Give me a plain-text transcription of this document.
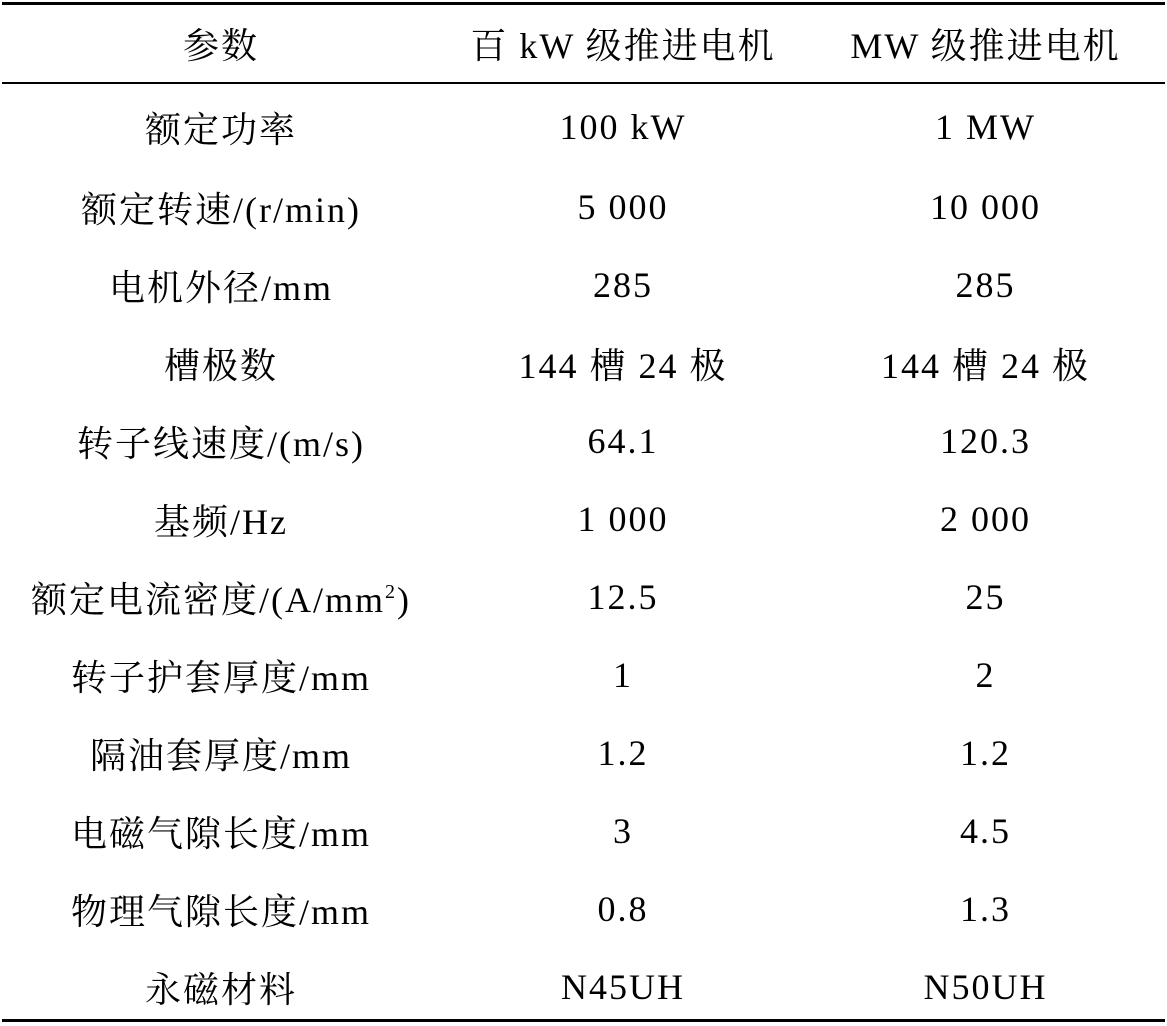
参数	百 kW 级推进电机	MW 级推进电机
额定功率	100 kW	1 MW
额定转速/(r/min)	5 000	10 000
电机外径/mm	285	285
槽极数	144 槽 24 极	144 槽 24 极
转子线速度/(m/s)	64.1	120.3
基频/Hz	1 000	2 000
额定电流密度$/(A/mm^2)$	12.5	25
转子护套厚度/mm	1	2
隔油套厚度/mm	1.2	1.2
电磁气隙长度/mm	3	4.5
物理气隙长度/mm	0.8	1.3
永磁材料	N45UH	N50UH
